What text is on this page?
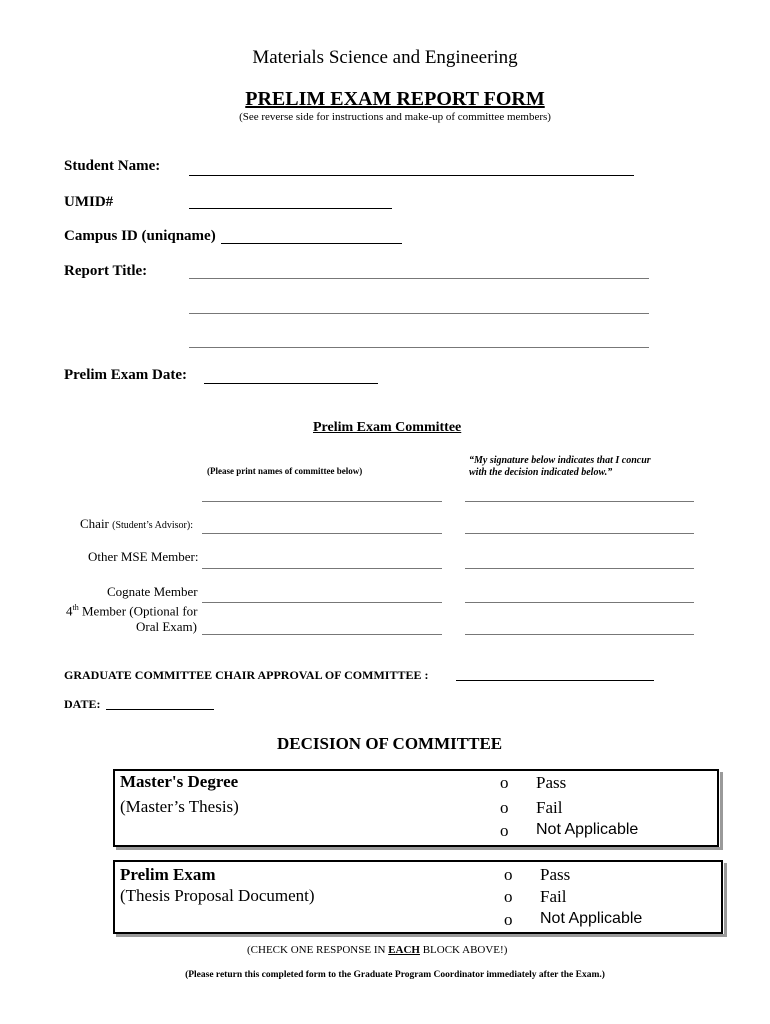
Materials Science and Engineering
PRELIM EXAM REPORT FORM
(See reverse side for instructions and make-up of committee members)
Student Name:
UMID#
Campus ID (uniqname)
Report Title:
Prelim Exam Date:
Prelim Exam Committee
(Please print names of committee below)
“My signature below indicates that I concur
with the decision indicated below.”
Chair (Student’s Advisor):
Other MSE Member:
Cognate Member
4th Member (Optional for
Oral Exam)
GRADUATE COMMITTEE CHAIR APPROVAL OF COMMITTEE :
DATE:
DECISION OF COMMITTEE
Master's Degree
(Master’s Thesis)
o Pass
o Fail
o Not Applicable
Prelim Exam
(Thesis Proposal Document)
o Pass
o Fail
o Not Applicable
(CHECK ONE RESPONSE IN EACH BLOCK ABOVE!)
(Please return this completed form to the Graduate Program Coordinator immediately after the Exam.)
